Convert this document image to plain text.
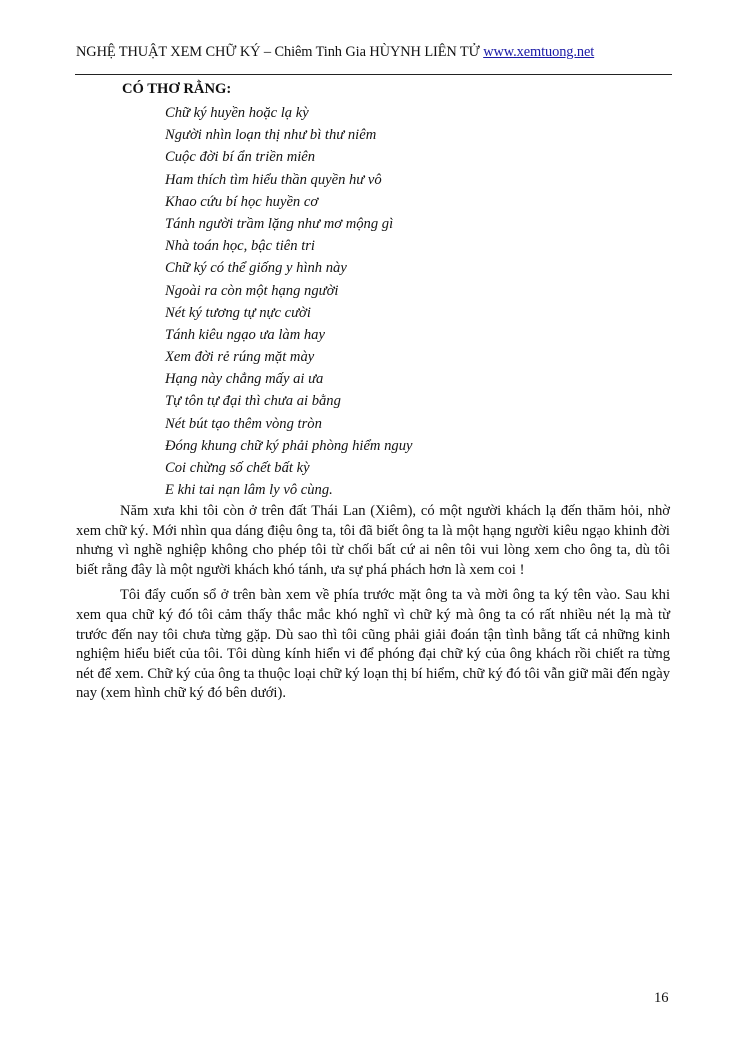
NGHỆ THUẬT XEM CHỮ KÝ – Chiêm Tinh Gia HÙYNH LIÊN TỬ www.xemtuong.net
CÓ THƠ RẰNG:
Chữ ký huyền hoặc lạ kỳ
Người nhìn loạn thị như bì thư niêm
Cuộc đời bí ẩn triền miên
Ham thích tìm hiểu thần quyền hư vô
Khao cứu bí học huyền cơ
Tánh người trầm lặng như mơ mộng gì
Nhà toán học, bậc tiên tri
Chữ ký có thể giống y hình này
Ngoài ra còn một hạng người
Nét ký tương tự nực cười
Tánh kiêu ngạo ưa làm hay
Xem đời rẻ rúng mặt mày
Hạng này chẳng mấy ai ưa
Tự tôn tự đại thì chưa ai bằng
Nét bút tạo thêm vòng tròn
Đóng khung chữ ký phải phòng hiểm nguy
Coi chừng số chết bất kỳ
E khi tai nạn lâm ly vô cùng.

Năm xưa khi tôi còn ở trên đất Thái Lan (Xiêm), có một người khách lạ đến thăm hỏi, nhờ xem chữ ký. Mới nhìn qua dáng điệu ông ta, tôi đã biết ông ta là một hạng người kiêu ngạo khinh đời nhưng vì nghề nghiệp không cho phép tôi từ chối bất cứ ai nên tôi vui lòng xem cho ông ta, dù tôi biết rằng đây là một người khách khó tánh, ưa sự phá phách hơn là xem coi !

Tôi đẩy cuốn sổ ở trên bàn xem về phía trước mặt ông ta và mời ông ta ký tên vào. Sau khi xem qua chữ ký đó tôi cảm thấy thắc mắc khó nghĩ vì chữ ký mà ông ta có rất nhiều nét lạ mà từ trước đến nay tôi chưa từng gặp. Dù sao thì tôi cũng phải giải đoán tận tình bằng tất cả những kinh nghiệm hiểu biết của tôi. Tôi dùng kính hiển vi để phóng đại chữ ký của ông khách rồi chiết ra từng nét để xem. Chữ ký của ông ta thuộc loại chữ ký loạn thị bí hiểm, chữ ký đó tôi vẫn giữ mãi đến ngày nay (xem hình chữ ký đó bên dưới).

16
